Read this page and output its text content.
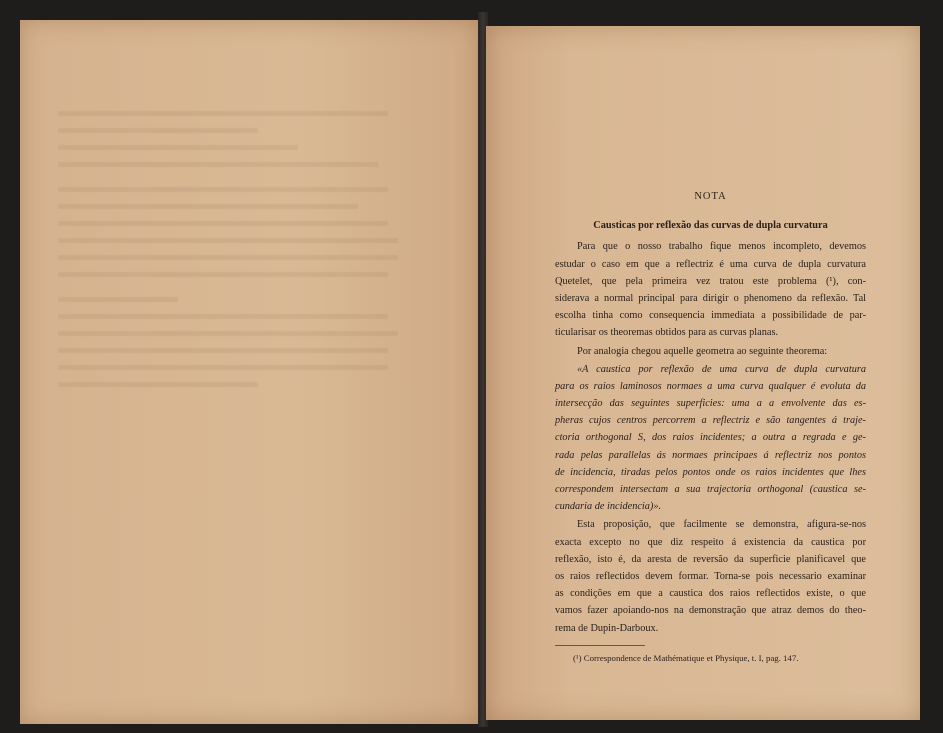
NOTA
Causticas por reflexão das curvas de dupla curvatura
Para que o nosso trabalho fique menos incompleto, devemos
estudar o caso em que a reflectriz é uma curva de dupla curvatura
Quetelet, que pela primeira vez tratou este problema (¹), con-
siderava a normal principal para dirigir o phenomeno da reflexão. Tal
escolha tinha como consequencia immediata a possibilidade de par-
ticularisar os theoremas obtidos para as curvas planas.
Por analogia chegou aquelle geometra ao seguinte theorema:
«A caustica por reflexão de uma curva de dupla curvatura
para os raios laminosos normaes a uma curva qualquer é evoluta da
intersecção das seguintes superficies: uma a a envolvente das es-
pheras cujos centros percorrem a reflectriz e são tangentes á traje-
ctoria orthogonal S, dos raios incidentes; a outra a regrada e ge-
rada pelas parallelas ás normaes principaes á reflectriz nos pontos
de incidencia, tiradas pelos pontos onde os raios incidentes que lhes
correspondem intersectam a sua trajectoria orthogonal (caustica se-
cundaria de incidencia)».
Esta proposição, que facilmente se demonstra, afigura-se-nos
exacta excepto no que diz respeito á existencia da caustica por
reflexão, isto é, da aresta de reversão da superficie planificavel que
os raios reflectidos devem formar. Torna-se pois necessario examinar
as condições em que a caustica dos raios reflectidos existe, o que
vamos fazer apoiando-nos na demonstração que atraz demos do theo-
rema de Dupin-Darboux.
(¹) Correspondence de Mathématique et Physique, t. I, pag. 147.
